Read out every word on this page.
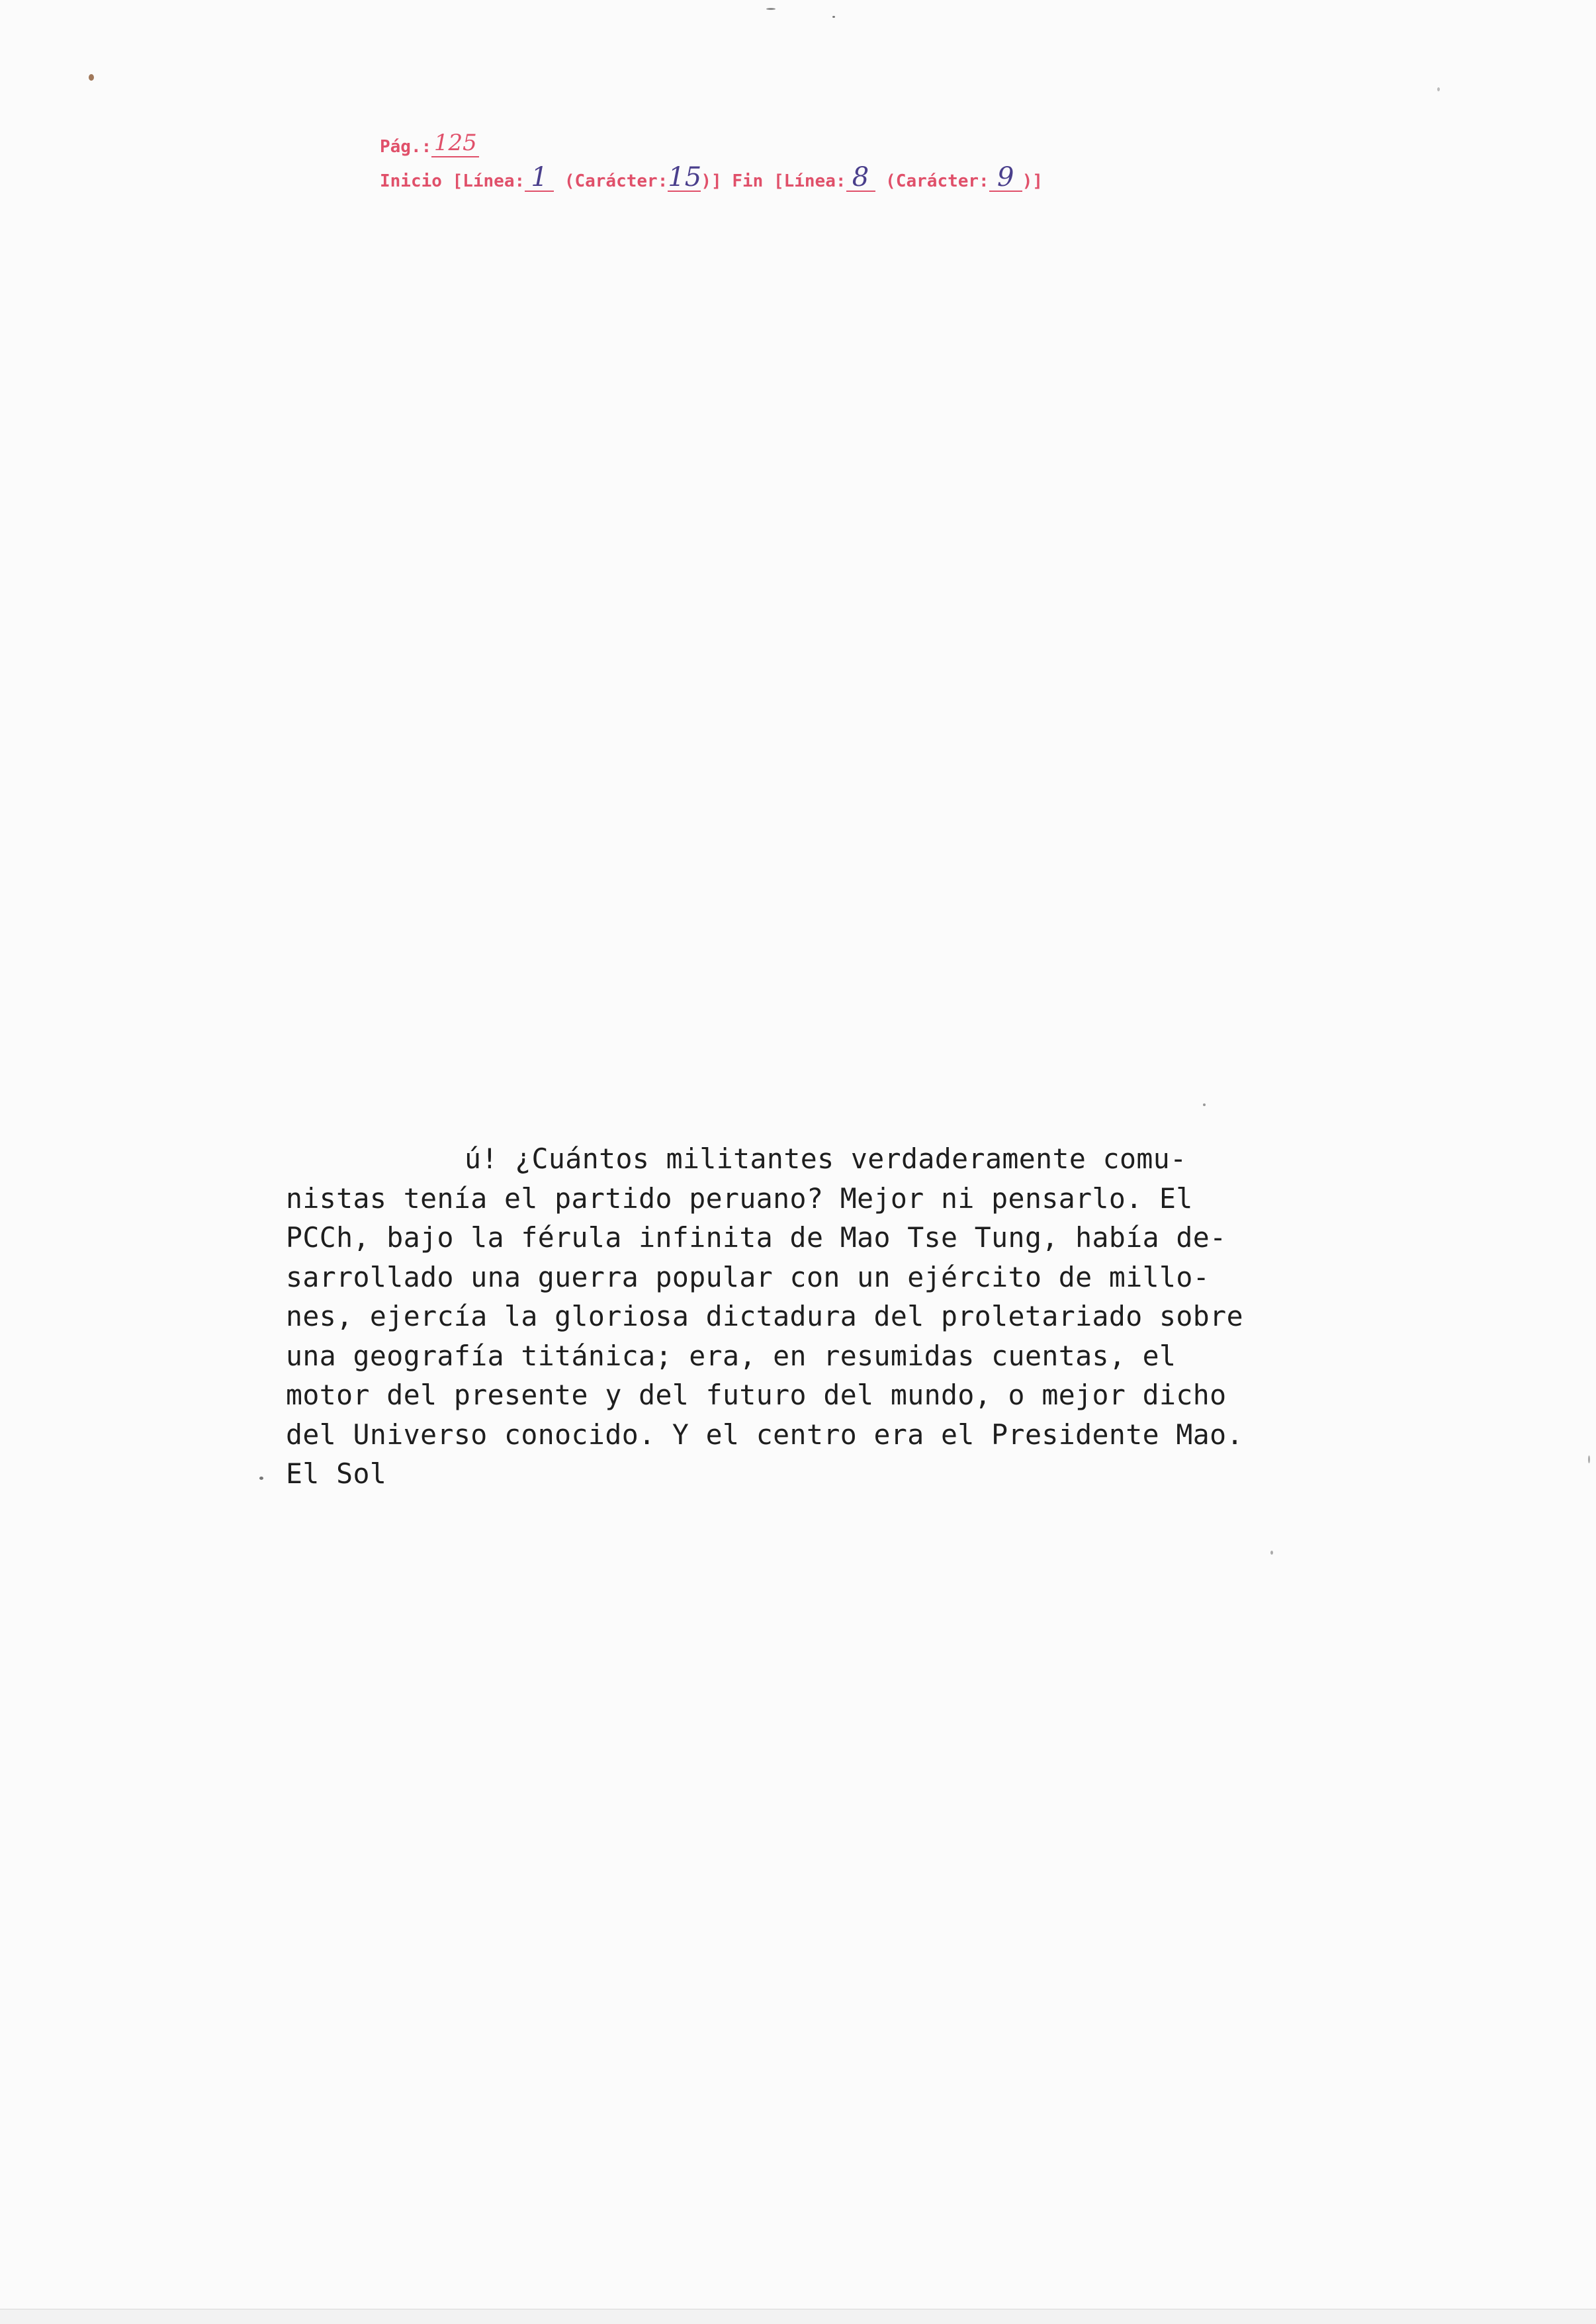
Pág.: 125
Inicio [Línea: 1 (Carácter:15)] Fin [Línea: 8 (Carácter: 9 )]
ú! ¿Cuántos militantes verdaderamente comu-
nistas tenía el partido peruano? Mejor ni pensarlo. El
PCCh, bajo la férula infinita de Mao Tse Tung, había de-
sarrollado una guerra popular con un ejército de millo-
nes, ejercía la gloriosa dictadura del proletariado sobre
una geografía titánica; era, en resumidas cuentas, el
motor del presente y del futuro del mundo, o mejor dicho
del Universo conocido. Y el centro era el Presidente Mao.
El Sol
